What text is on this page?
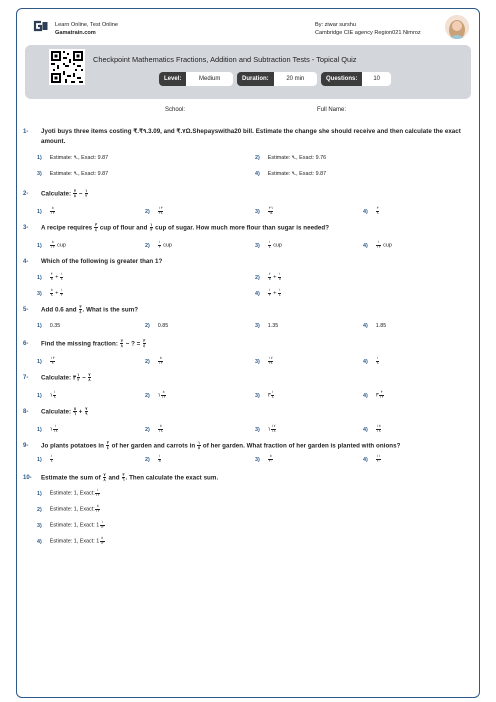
Learn Online, Test Online
Gamatrain.com
By: ziwar surshu
Cambridge CIE agency Region021 Nimroz
Checkpoint Mathematics Fractions, Addition and Subtraction Tests - Topical Quiz
Level:	Medium	Duration:	20 min	Questions:	10
School:	Full Name:
1- Jyoti buys three items costing ₹.₹٩.3.09, and ₹.٧Ω.Shepayswitha20 bill. Estimate the change she should receive and then calculate the exact amount.
1) Estimate: ٩., Exact: 9.87	2) Estimate: ٩., Exact: 9.76
3) Estimate: ٩., Exact: 9.87	4) Estimate: ٩., Exact: 9.87
2- Calculate: $\frac{٧}{٨} - \frac{١}{٢}$
$1) \frac{٥}{١٢}$	$2) \frac{١٣}{٢٤}$	$3) \frac{٣٦}{٦٤}$	$4) \frac{٣}{٨}$
3- A recipe requires $\frac{٣}{٤}$ cup of flour and $\frac{١}{٣}$ cup of sugar. How much more flour than sugar is needed?
$1) \frac{٥}{١٢}$ cup	$2) \frac{١}{٢}$ cup	$3) \frac{١}{٤}$ cup	$4) \frac{١}{١٢}$ cup
4- Which of the following is greater than 1?
$1) \frac{٣}{٥} + \frac{١}{٤}$	$2) \frac{٢}{٥} + \frac{١}{٥}$
$3) \frac{٥}{٨} + \frac{١}{٢}$	$4) \frac{١}{٣} + \frac{١}{٤}$
5- Add 0.6 and $\frac{٣}{٤}$ . What is the sum?
1) 0.35	2) 0.85	3) 1.35	4) 1.85
6- Find the missing fraction: $\frac{٧}{٨}$ − ? = $\frac{٣}{٤}$
$1) \frac{١٣}{٨}$	$2) \frac{٥}{١٢}$	$3) \frac{١٧}{٢٤}$	$4) \frac{١}{٨}$
7- Calculate: ٣ $\frac{١}{٢} - \frac{٧}{٨}$
1) ١ $\frac{١}{٨}$	2) ١ $\frac{٥}{١٢}$	3) ٣ $\frac{١}{٨}$	4) ٣ $\frac{٣}{١٢}$
8- Calculate: $\frac{٥}{٦} + \frac{٧}{٩}$
1) ١ $\frac{١}{١٨}$	$2) \frac{٥}{١٨}$	3) ١ $\frac{١٧}{١٨}$	$4) \frac{١٥}{١٨}$
9- Jo plants potatoes in $\frac{٣}{٤}$ of her garden and carrots in $\frac{١}{٥}$ of her garden. What fraction of her garden is planted with onions?
$1) \frac{١}{٤}$	$2) \frac{١}{٥}$	$3) \frac{٥}{٢٠}$	$4) \frac{١١}{٢٠}$
10- Estimate the sum of $\frac{٧}{٨}$ and $\frac{٣}{٦}$ . Then calculate the exact sum.
1) Estimate: 1, Exact: $\frac{١}{١٢}$
2) Estimate: 1, Exact: $\frac{٥}{١٢}$
3) Estimate: 1, Exact: $1 \frac{١}{١٢}$
4) Estimate: 1, Exact: $1 \frac{٥}{١٢}$
